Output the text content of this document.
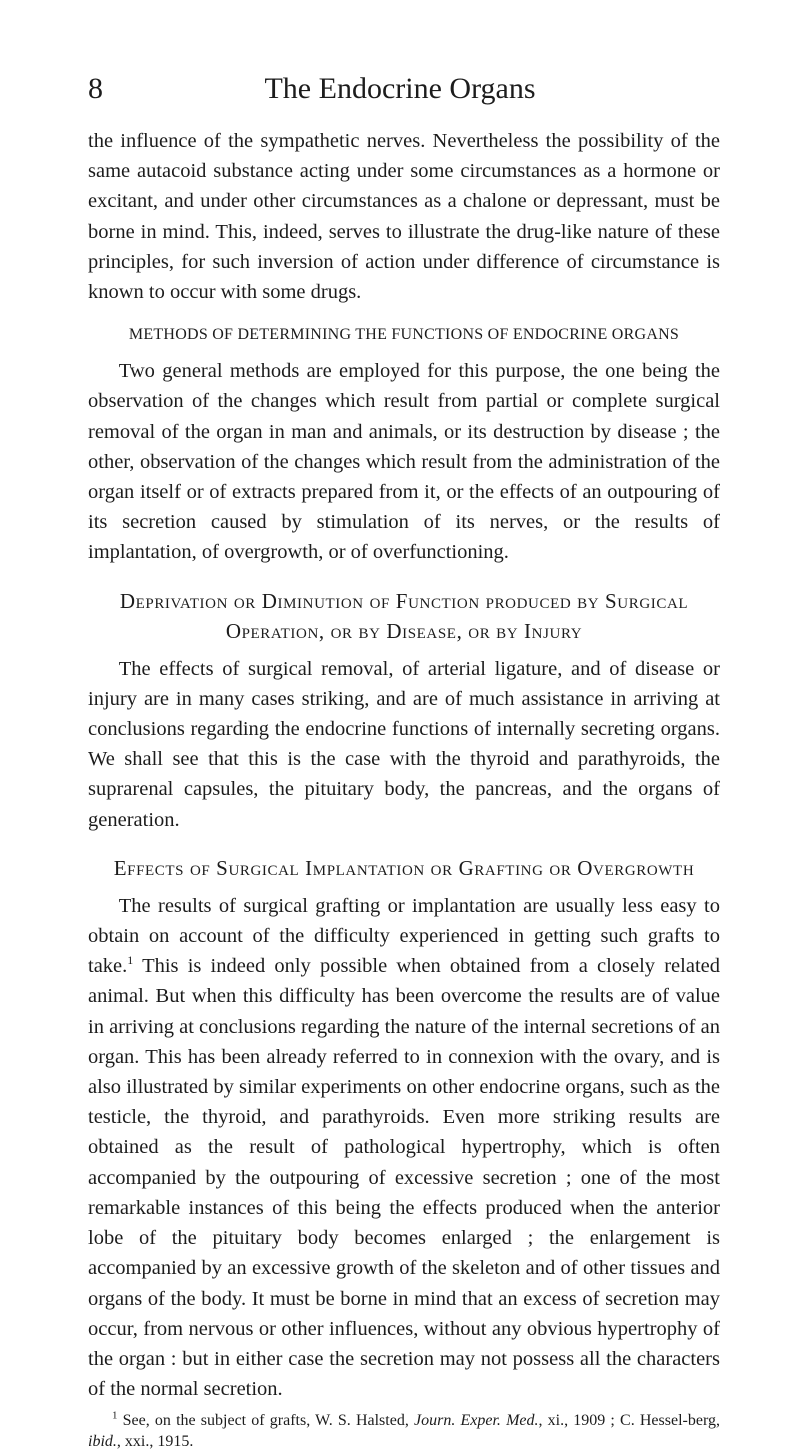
8	The Endocrine Organs

the influence of the sympathetic nerves. Nevertheless the possibility of the same autacoid substance acting under some circumstances as a hormone or excitant, and under other circumstances as a chalone or depressant, must be borne in mind. This, indeed, serves to illustrate the drug-like nature of these principles, for such inversion of action under difference of circumstance is known to occur with some drugs.

METHODS OF DETERMINING THE FUNCTIONS OF ENDOCRINE ORGANS

Two general methods are employed for this purpose, the one being the observation of the changes which result from partial or complete surgical removal of the organ in man and animals, or its destruction by disease ; the other, observation of the changes which result from the administration of the organ itself or of extracts prepared from it, or the effects of an outpouring of its secretion caused by stimulation of its nerves, or the results of implantation, of overgrowth, or of overfunctioning.

Deprivation or Diminution of Function produced by Surgical Operation, or by Disease, or by Injury

The effects of surgical removal, of arterial ligature, and of disease or injury are in many cases striking, and are of much assistance in arriving at conclusions regarding the endocrine functions of internally secreting organs. We shall see that this is the case with the thyroid and parathyroids, the suprarenal capsules, the pituitary body, the pancreas, and the organs of generation.

Effects of Surgical Implantation or Grafting or Overgrowth

The results of surgical grafting or implantation are usually less easy to obtain on account of the difficulty experienced in getting such grafts to take.$^1$ This is indeed only possible when obtained from a closely related animal. But when this difficulty has been overcome the results are of value in arriving at conclusions regarding the nature of the internal secretions of an organ. This has been already referred to in connexion with the ovary, and is also illustrated by similar experiments on other endocrine organs, such as the testicle, the thyroid, and parathyroids. Even more striking results are obtained as the result of pathological hypertrophy, which is often accompanied by the outpouring of excessive secretion ; one of the most remarkable instances of this being the effects produced when the anterior lobe of the pituitary body becomes enlarged ; the enlargement is accompanied by an excessive growth of the skeleton and of other tissues and organs of the body. It must be borne in mind that an excess of secretion may occur, from nervous or other influences, without any obvious hypertrophy of the organ : but in either case the secretion may not possess all the characters of the normal secretion.

$^1$ See, on the subject of grafts, W. S. Halsted, Journ. Exper. Med., xi., 1909 ; C. Hessel-berg, ibid., xxi., 1915.
